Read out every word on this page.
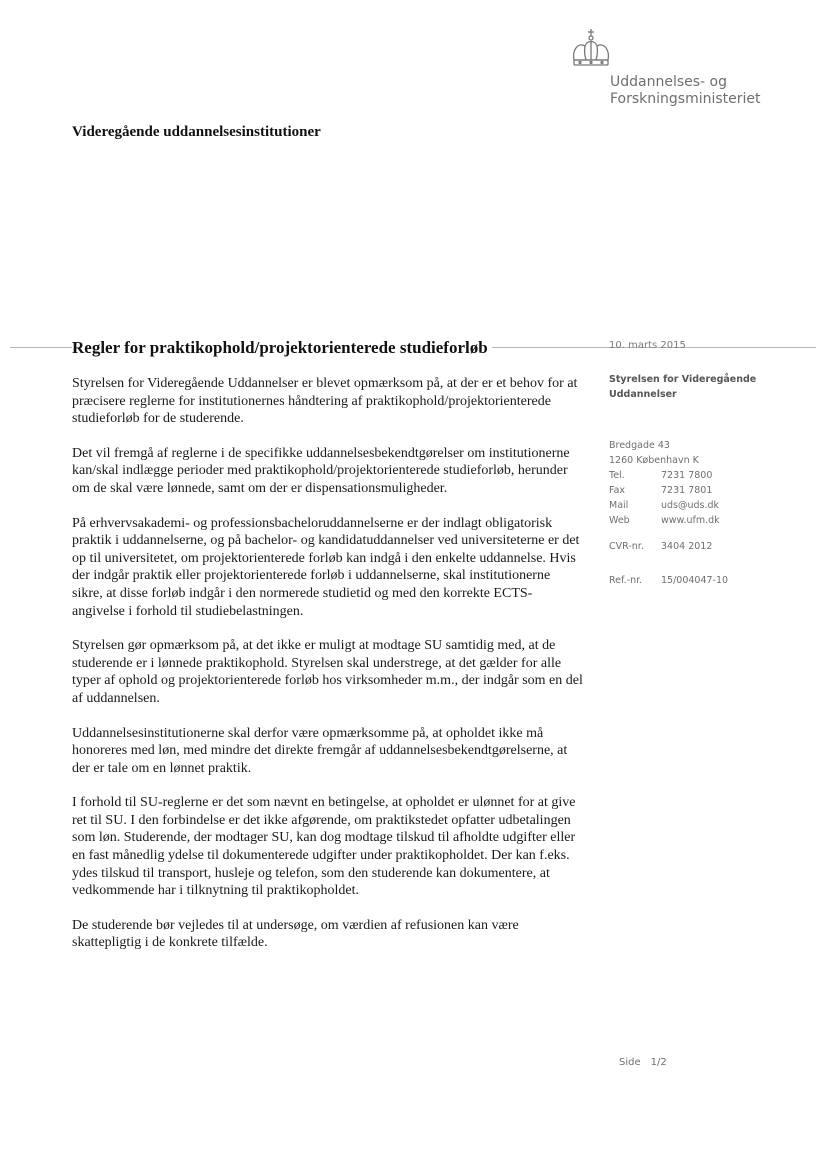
Uddannelses- og
Forskningsministeriet
Videregående uddannelsesinstitutioner
Regler for praktikophold/projektorienterede studieforløb	10. marts 2015

Styrelsen for Videregående Uddannelser er blevet opmærksom på, at der er et behov for at præcisere reglerne for institutionernes håndtering af praktikophold/projektorienterede studieforløb for de studerende.

Det vil fremgå af reglerne i de specifikke uddannelsesbekendtgørelser om institutionerne kan/skal indlægge perioder med praktikophold/projektorienterede studieforløb, herunder om de skal være lønnede, samt om der er dispensationsmuligheder.

På erhvervsakademi- og professionsbacheloruddannelserne er der indlagt obligatorisk praktik i uddannelserne, og på bachelor- og kandidatuddannelser ved universiteterne er det op til universitetet, om projektorienterede forløb kan indgå i den enkelte uddannelse. Hvis der indgår praktik eller projektorienterede forløb i uddannelserne, skal institutionerne sikre, at disse forløb indgår i den normerede studietid og med den korrekte ECTS-angivelse i forhold til studiebelastningen.

Styrelsen gør opmærksom på, at det ikke er muligt at modtage SU samtidig med, at de studerende er i lønnede praktikophold. Styrelsen skal understrege, at det gælder for alle typer af ophold og projektorienterede forløb hos virksomheder m.m., der indgår som en del af uddannelsen.

Uddannelsesinstitutionerne skal derfor være opmærksomme på, at opholdet ikke må honoreres med løn, med mindre det direkte fremgår af uddannelsesbekendtgørelserne, at der er tale om en lønnet praktik.

I forhold til SU-reglerne er det som nævnt en betingelse, at opholdet er ulønnet for at give ret til SU. I den forbindelse er det ikke afgørende, om praktikstedet opfatter udbetalingen som løn. Studerende, der modtager SU, kan dog modtage tilskud til afholdte udgifter eller en fast månedlig ydelse til dokumenterede udgifter under praktikopholdet. Der kan f.eks. ydes tilskud til transport, husleje og telefon, som den studerende kan dokumentere, at vedkommende har i tilknytning til praktikopholdet.

De studerende bør vejledes til at undersøge, om værdien af refusionen kan være skattepligtig i de konkrete tilfælde.

Styrelsen for Videregående Uddannelser
Bredgade 43
1260 København K
Tel.	7231 7800
Fax	7231 7801
Mail	uds@uds.dk
Web	www.ufm.dk
CVR-nr.	3404 2012
Ref.-nr.	15/004047-10
Side 1/2
